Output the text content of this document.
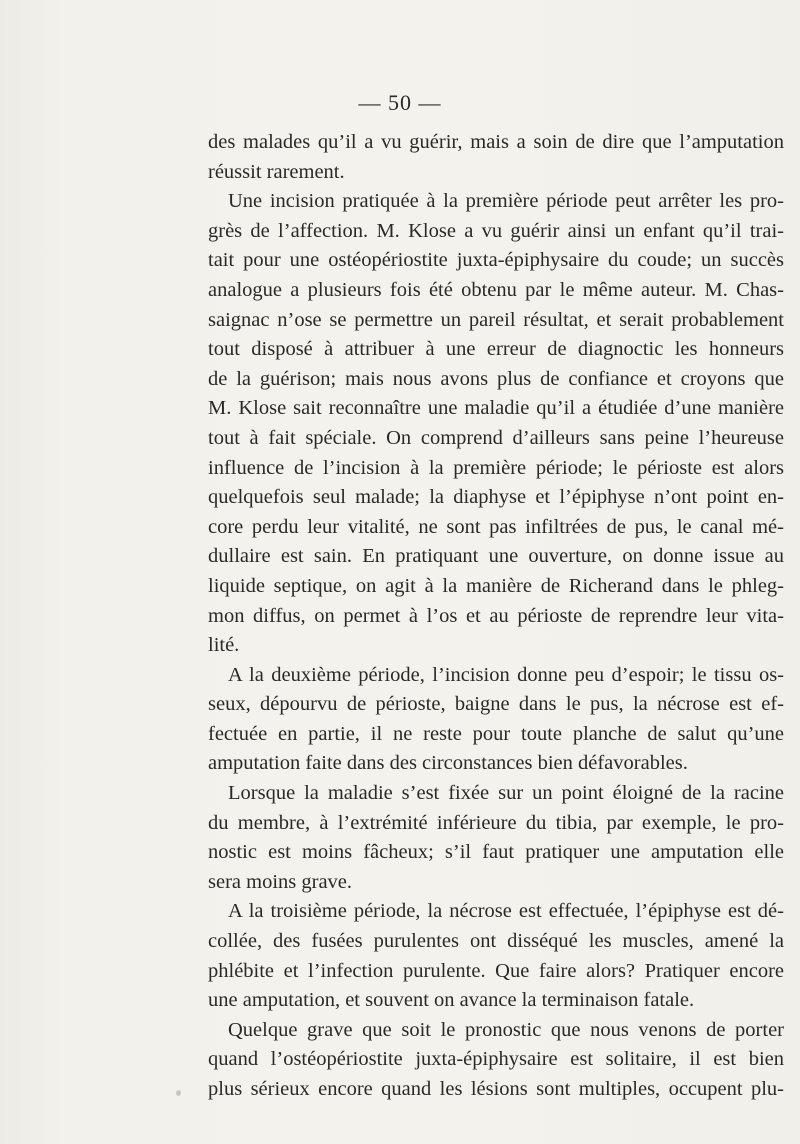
— 50 —
des malades qu’il a vu guérir, mais a soin de dire que l’amputation
réussit rarement.
Une incision pratiquée à la première période peut arrêter les pro-
grès de l’affection. M. Klose a vu guérir ainsi un enfant qu’il trai-
tait pour une ostéopériostite juxta-épiphysaire du coude; un succès
analogue a plusieurs fois été obtenu par le même auteur. M. Chas-
saignac n’ose se permettre un pareil résultat, et serait probablement
tout disposé à attribuer à une erreur de diagnoctic les honneurs
de la guérison; mais nous avons plus de confiance et croyons que
M. Klose sait reconnaître une maladie qu’il a étudiée d’une manière
tout à fait spéciale. On comprend d’ailleurs sans peine l’heureuse
influence de l’incision à la première période; le périoste est alors
quelquefois seul malade; la diaphyse et l’épiphyse n’ont point en-
core perdu leur vitalité, ne sont pas infiltrées de pus, le canal mé-
dullaire est sain. En pratiquant une ouverture, on donne issue au
liquide septique, on agit à la manière de Richerand dans le phleg-
mon diffus, on permet à l’os et au périoste de reprendre leur vita-
lité.
A la deuxième période, l’incision donne peu d’espoir; le tissu os-
seux, dépourvu de périoste, baigne dans le pus, la nécrose est ef-
fectuée en partie, il ne reste pour toute planche de salut qu’une
amputation faite dans des circonstances bien défavorables.
Lorsque la maladie s’est fixée sur un point éloigné de la racine
du membre, à l’extrémité inférieure du tibia, par exemple, le pro-
nostic est moins fâcheux; s’il faut pratiquer une amputation elle
sera moins grave.
A la troisième période, la nécrose est effectuée, l’épiphyse est dé-
collée, des fusées purulentes ont disséqué les muscles, amené la
phlébite et l’infection purulente. Que faire alors? Pratiquer encore
une amputation, et souvent on avance la terminaison fatale.
Quelque grave que soit le pronostic que nous venons de porter
quand l’ostéopériostite juxta-épiphysaire est solitaire, il est bien
plus sérieux encore quand les lésions sont multiples, occupent plu-
